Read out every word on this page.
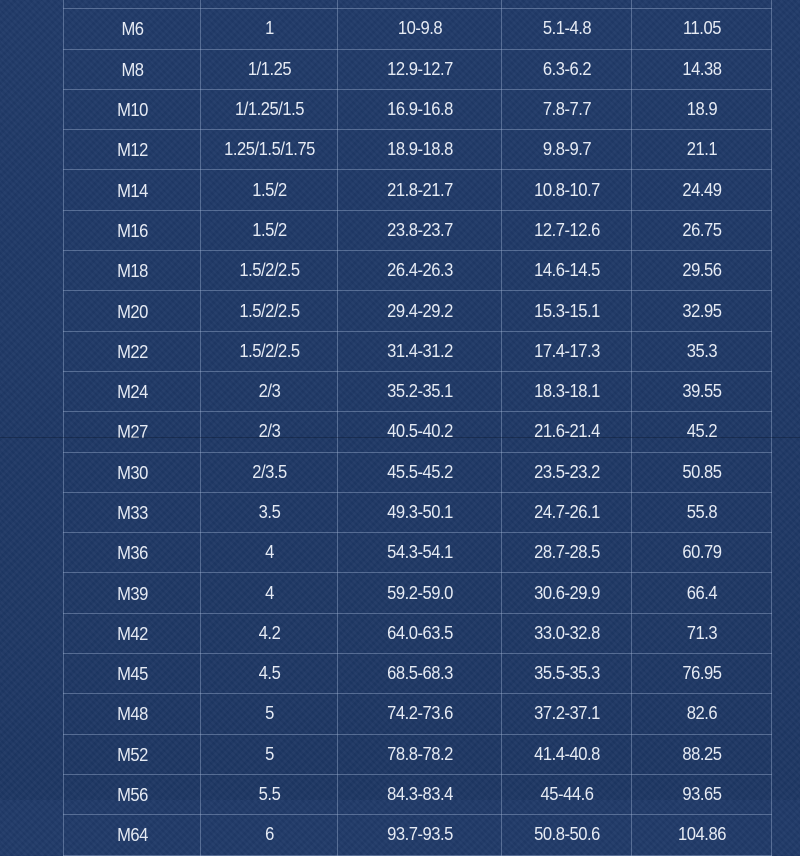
M6	1	10-9.8	5.1-4.8	11.05
M8	1/1.25	12.9-12.7	6.3-6.2	14.38
M10	1/1.25/1.5	16.9-16.8	7.8-7.7	18.9
M12	1.25/1.5/1.75	18.9-18.8	9.8-9.7	21.1
M14	1.5/2	21.8-21.7	10.8-10.7	24.49
M16	1.5/2	23.8-23.7	12.7-12.6	26.75
M18	1.5/2/2.5	26.4-26.3	14.6-14.5	29.56
M20	1.5/2/2.5	29.4-29.2	15.3-15.1	32.95
M22	1.5/2/2.5	31.4-31.2	17.4-17.3	35.3
M24	2/3	35.2-35.1	18.3-18.1	39.55
M27	2/3	40.5-40.2	21.6-21.4	45.2
M30	2/3.5	45.5-45.2	23.5-23.2	50.85
M33	3.5	49.3-50.1	24.7-26.1	55.8
M36	4	54.3-54.1	28.7-28.5	60.79
M39	4	59.2-59.0	30.6-29.9	66.4
M42	4.2	64.0-63.5	33.0-32.8	71.3
M45	4.5	68.5-68.3	35.5-35.3	76.95
M48	5	74.2-73.6	37.2-37.1	82.6
M52	5	78.8-78.2	41.4-40.8	88.25
M56	5.5	84.3-83.4	45-44.6	93.65
M64	6	93.7-93.5	50.8-50.6	104.86
